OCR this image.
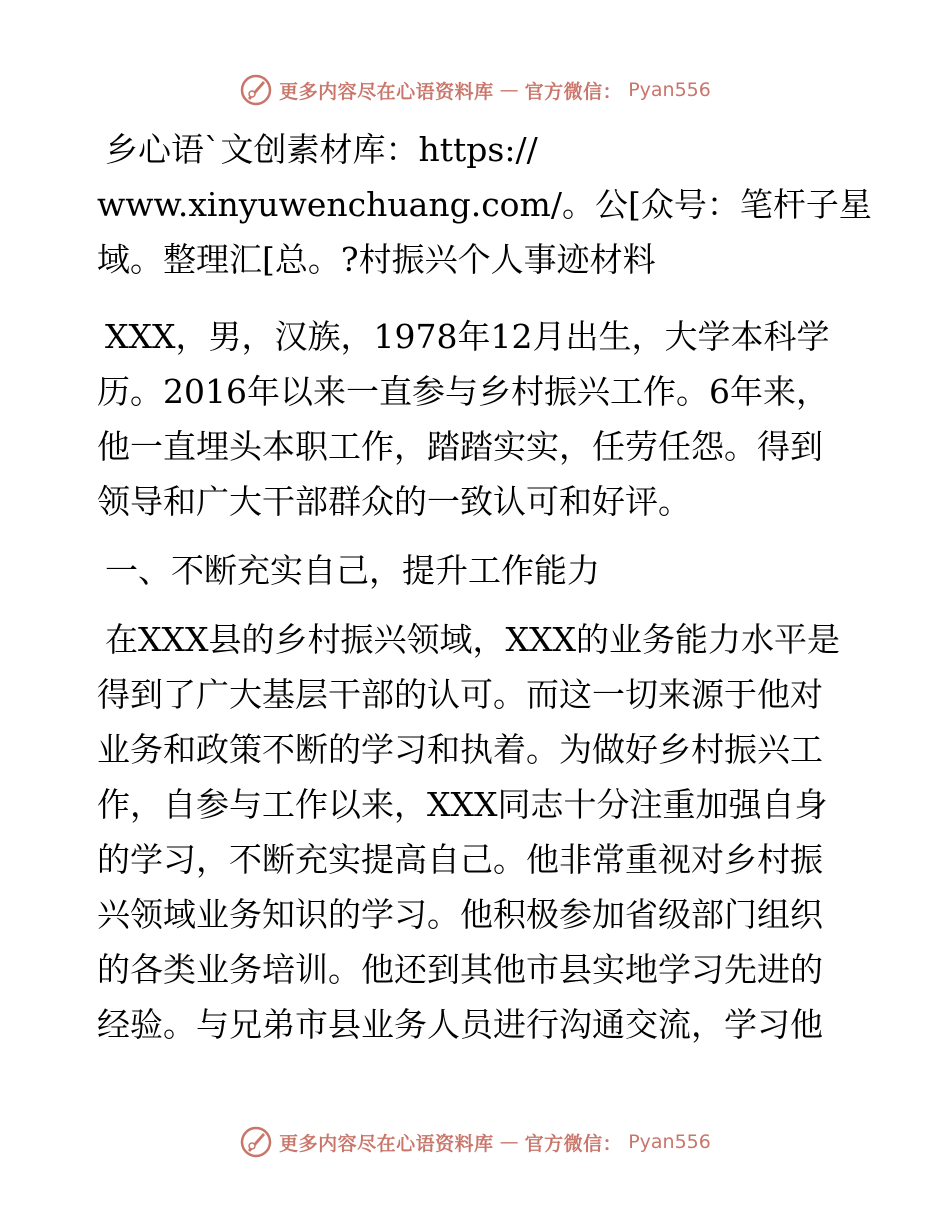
更多内容尽在心语资料库 — 官方微信： Pyan556

乡心语`文创素材库：https://
www.xinyuwenchuang.com/。公[众号：笔杆子星
域。整理汇[总。?村振兴个人事迹材料

XXX，男，汉族，1978年12月出生，大学本科学
历。2016年以来一直参与乡村振兴工作。6年来，
他一直埋头本职工作，踏踏实实，任劳任怨。得到
领导和广大干部群众的一致认可和好评。

一、不断充实自己，提升工作能力

在XXX县的乡村振兴领域，XXX的业务能力水平是
得到了广大基层干部的认可。而这一切来源于他对
业务和政策不断的学习和执着。为做好乡村振兴工
作，自参与工作以来，XXX同志十分注重加强自身
的学习，不断充实提高自己。他非常重视对乡村振
兴领域业务知识的学习。他积极参加省级部门组织
的各类业务培训。他还到其他市县实地学习先进的
经验。与兄弟市县业务人员进行沟通交流，学习他

更多内容尽在心语资料库 — 官方微信： Pyan556
